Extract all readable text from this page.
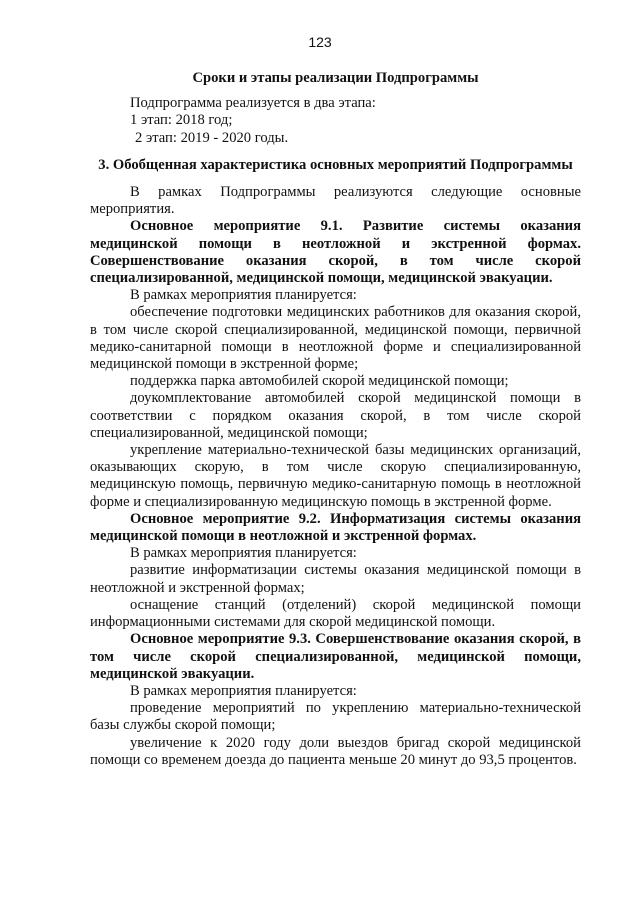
123

Сроки и этапы реализации Подпрограммы

Подпрограмма реализуется в два этапа:

1 этап: 2018 год;

2 этап: 2019 - 2020 годы.

3. Обобщенная характеристика основных мероприятий Подпрограммы

В рамках Подпрограммы реализуются следующие основные мероприятия.

Основное мероприятие 9.1. Развитие системы оказания медицинской помощи в неотложной и экстренной формах. Совершенствование оказания скорой, в том числе скорой специализированной, медицинской помощи, медицинской эвакуации.

В рамках мероприятия планируется:

обеспечение подготовки медицинских работников для оказания скорой, в том числе скорой специализированной, медицинской помощи, первичной медико-санитарной помощи в неотложной форме и специализированной медицинской помощи в экстренной форме;

поддержка парка автомобилей скорой медицинской помощи;

доукомплектование автомобилей скорой медицинской помощи в соответствии с порядком оказания скорой, в том числе скорой специализированной, медицинской помощи;

укрепление материально-технической базы медицинских организаций, оказывающих скорую, в том числе скорую специализированную, медицинскую помощь, первичную медико-санитарную помощь в неотложной форме и специализированную медицинскую помощь в экстренной форме.

Основное мероприятие 9.2. Информатизация системы оказания медицинской помощи в неотложной и экстренной формах.

В рамках мероприятия планируется:

развитие информатизации системы оказания медицинской помощи в неотложной и экстренной формах;

оснащение станций (отделений) скорой медицинской помощи информационными системами для скорой медицинской помощи.

Основное мероприятие 9.3. Совершенствование оказания скорой, в том числе скорой специализированной, медицинской помощи, медицинской эвакуации.

В рамках мероприятия планируется:

проведение мероприятий по укреплению материально-технической базы службы скорой помощи;

увеличение к 2020 году доли выездов бригад скорой медицинской помощи со временем доезда до пациента меньше 20 минут до 93,5 процентов.
